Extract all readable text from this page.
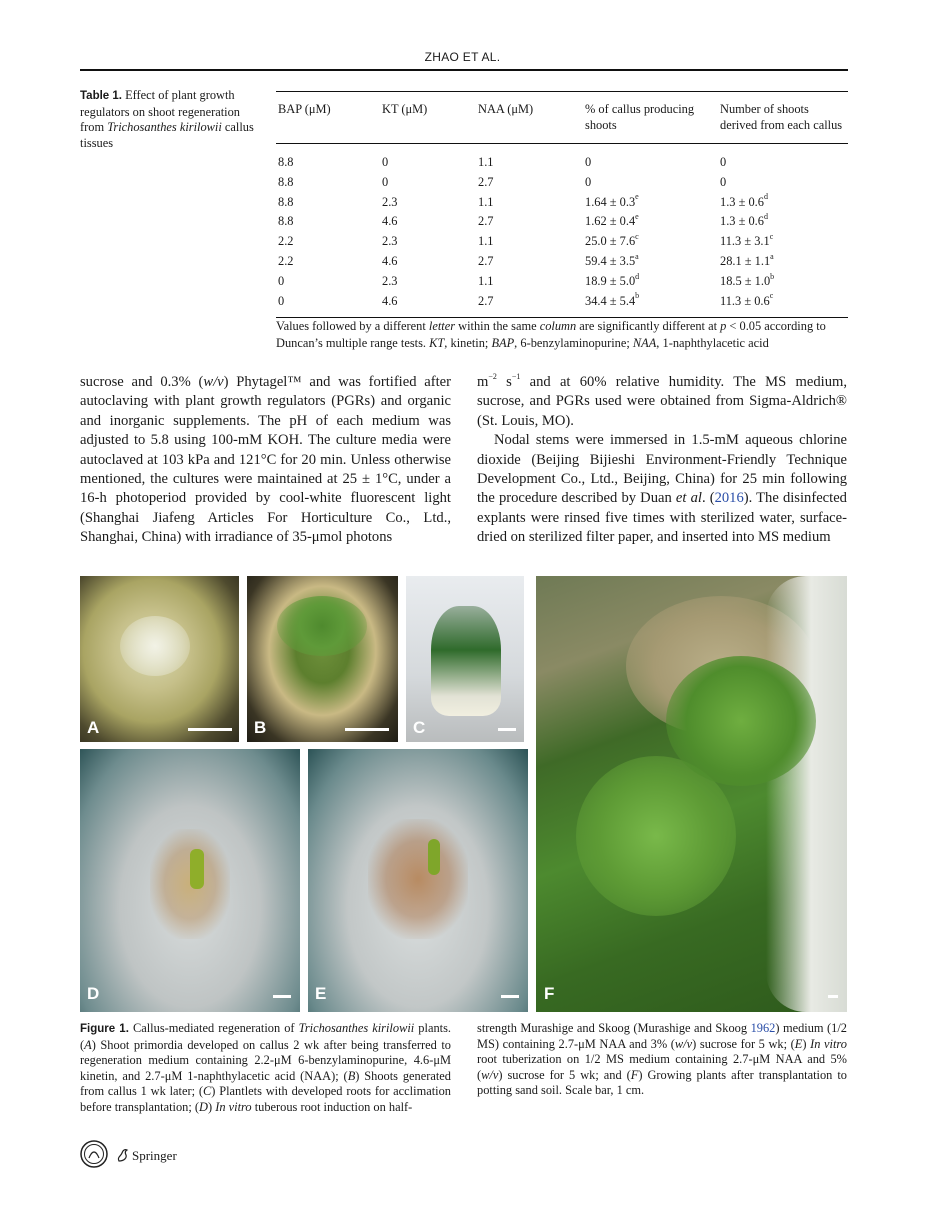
ZHAO ET AL.
Table 1. Effect of plant growth regulators on shoot regeneration from Trichosanthes kirilowii callus tissues
BAP (μM)	KT (μM)	NAA (μM)	% of callus producing shoots	Number of shoots derived from each callus
8.8	0	1.1	0	0
8.8	0	2.7	0	0
8.8	2.3	1.1	1.64 ± 0.3$^e$	1.3 ± 0.6$^d$
8.8	4.6	2.7	1.62 ± 0.4$^e$	1.3 ± 0.6$^d$
2.2	2.3	1.1	25.0 ± 7.6$^c$	11.3 ± 3.1$^c$
2.2	4.6	2.7	59.4 ± 3.5$^a$	28.1 ± 1.1$^a$
0	2.3	1.1	18.9 ± 5.0$^d$	18.5 ± 1.0$^b$
0	4.6	2.7	34.4 ± 5.4$^b$	11.3 ± 0.6$^c$
Values followed by a different letter within the same column are significantly different at p < 0.05 according to Duncan’s multiple range tests. KT, kinetin; BAP, 6-benzylaminopurine; NAA, 1-naphthylacetic acid
sucrose and 0.3% (w/v) Phytagel™ and was fortified after autoclaving with plant growth regulators (PGRs) and organic and inorganic supplements. The pH of each medium was adjusted to 5.8 using 100-mM KOH. The culture media were autoclaved at 103 kPa and 121°C for 20 min. Unless otherwise mentioned, the cultures were maintained at 25 ± 1°C, under a 16-h photoperiod provided by cool-white fluorescent light (Shanghai Jiafeng Articles For Horticulture Co., Ltd., Shanghai, China) with irradiance of 35-μmol photons
$m^{-2}$ $s^{-1}$ and at 60% relative humidity. The MS medium, sucrose, and PGRs used were obtained from Sigma-Aldrich® (St. Louis, MO).
Nodal stems were immersed in 1.5-mM aqueous chlorine dioxide (Beijing Bijieshi Environment-Friendly Technique Development Co., Ltd., Beijing, China) for 25 min following the procedure described by Duan et al. (2016). The disinfected explants were rinsed five times with sterilized water, surface-dried on sterilized filter paper, and inserted into MS medium
A	B	C
D	E	F
Figure 1. Callus-mediated regeneration of Trichosanthes kirilowii plants. (A) Shoot primordia developed on callus 2 wk after being transferred to regeneration medium containing 2.2-μM 6-benzylaminopurine, 4.6-μM kinetin, and 2.7-μM 1-naphthylacetic acid (NAA); (B) Shoots generated from callus 1 wk later; (C) Plantlets with developed roots for acclimation before transplantation; (D) In vitro tuberous root induction on half-
strength Murashige and Skoog (Murashige and Skoog 1962) medium (1/2 MS) containing 2.7-μM NAA and 3% (w/v) sucrose for 5 wk; (E) In vitro root tuberization on 1/2 MS medium containing 2.7-μM NAA and 5% (w/v) sucrose for 5 wk; and (F) Growing plants after transplantation to potting sand soil. Scale bar, 1 cm.
Springer
